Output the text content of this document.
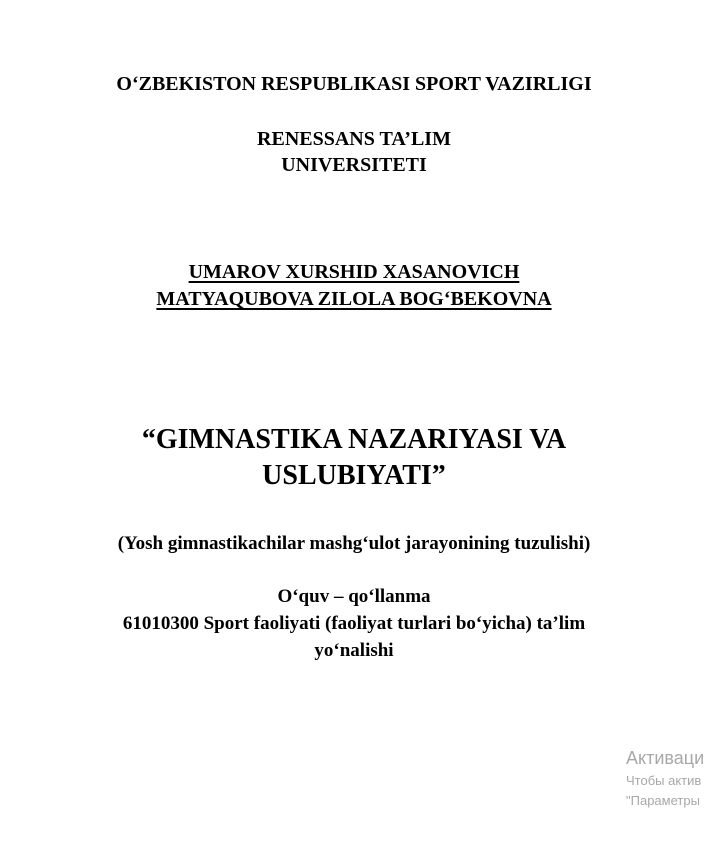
O‘ZBEKISTON RESPUBLIKASI SPORT VAZIRLIGI
RENESSANS TA’LIM
UNIVERSITETI
UMAROV XURSHID XASANOVICH
MATYAQUBOVA ZILOLA BOG‘BEKOVNA
“GIMNASTIKA NAZARIYASI VA
USLUBIYATI”
(Yosh gimnastikachilar mashg‘ulot jarayonining tuzulishi)
O‘quv – qo‘llanma
61010300 Sport faoliyati (faoliyat turlari bo‘yicha) ta’lim
yo‘nalishi
Активаци
Чтобы актив
"Параметры
